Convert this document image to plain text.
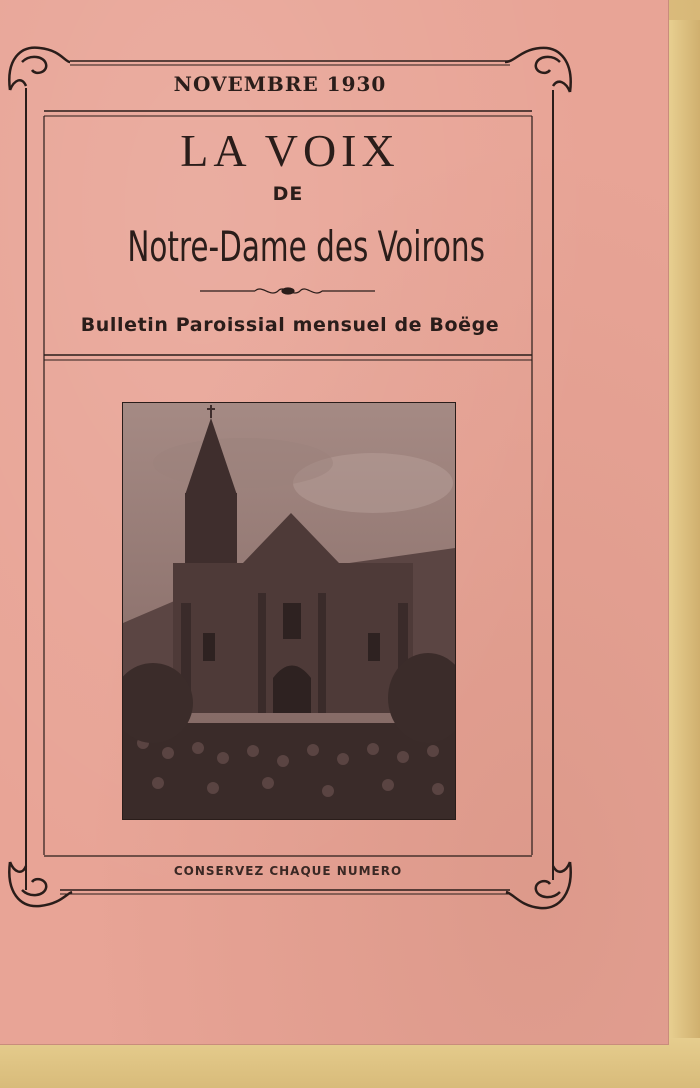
NOVEMBRE 1930
LA VOIX
DE
Notre-Dame des Voirons
Bulletin Paroissial mensuel de Boëge
CONSERVEZ CHAQUE NUMERO
